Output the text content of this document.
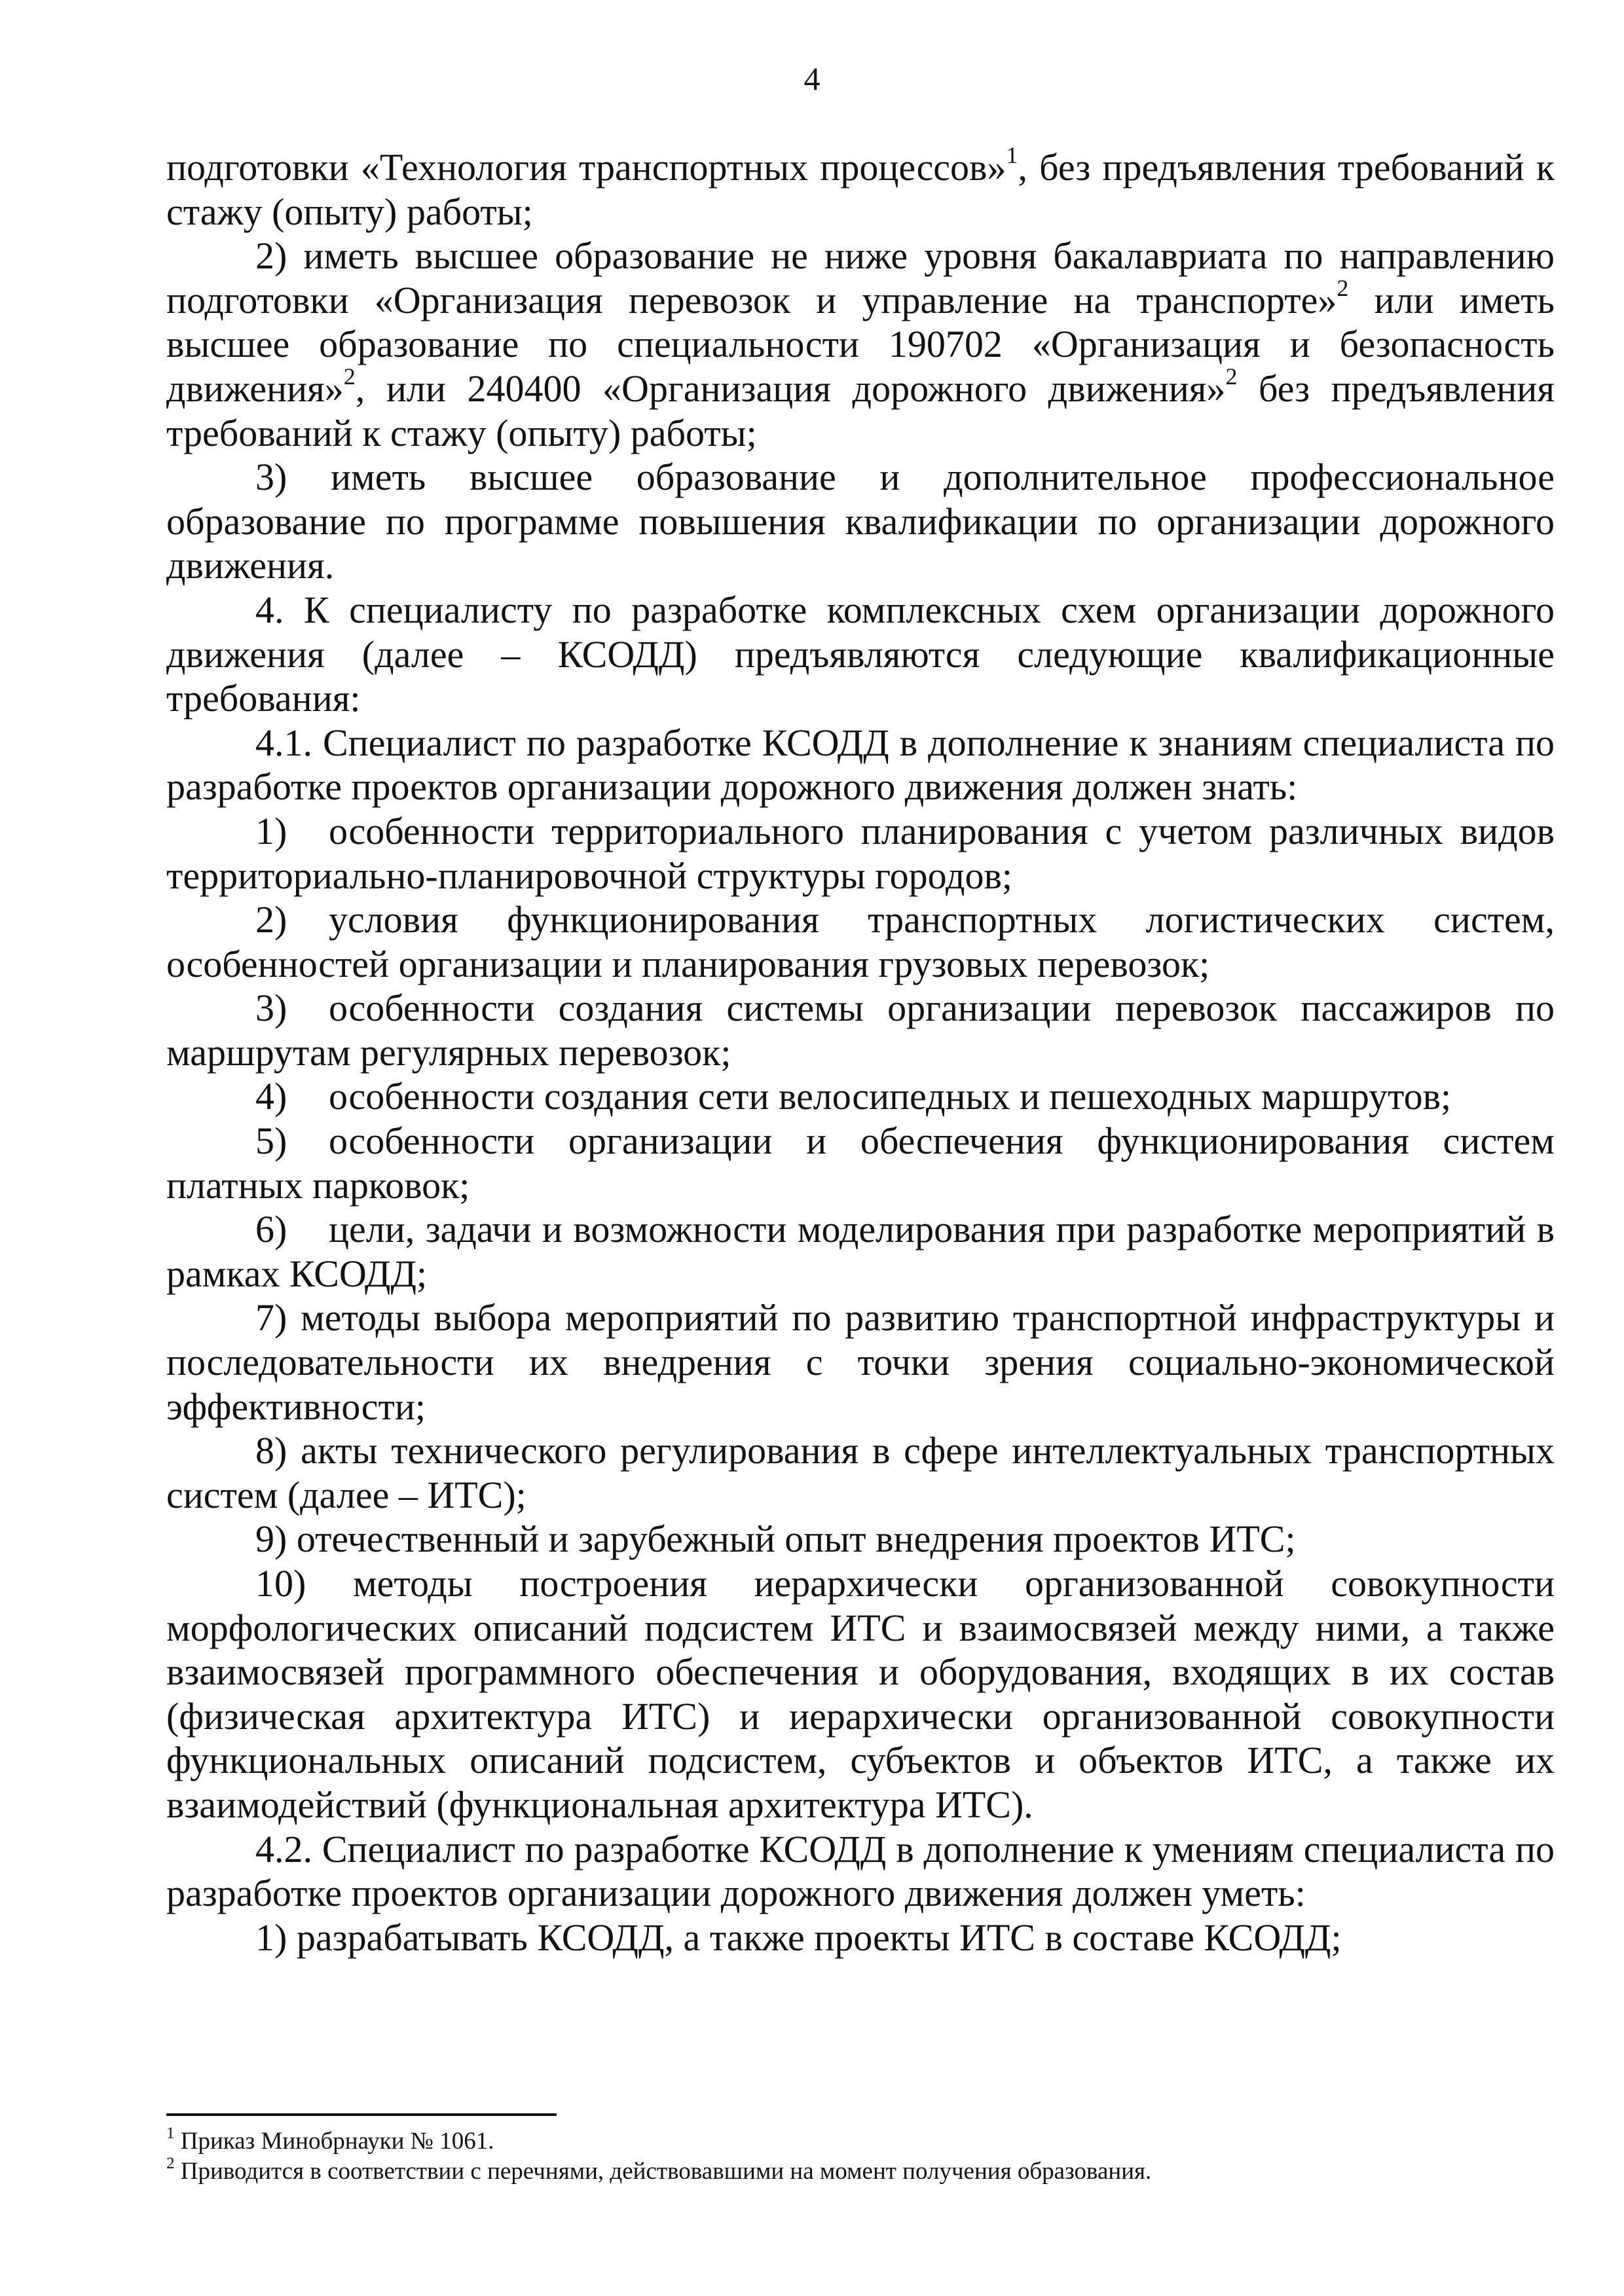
4

подготовки «Технология транспортных процессов»$^1$, без предъявления требований к стажу (опыту) работы;

2) иметь высшее образование не ниже уровня бакалавриата по направлению подготовки «Организация перевозок и управление на транспорте»$^2$ или иметь высшее образование по специальности 190702 «Организация и безопасность движения»$^2$, или 240400 «Организация дорожного движения»$^2$ без предъявления требований к стажу (опыту) работы;

3) иметь высшее образование и дополнительное профессиональное образование по программе повышения квалификации по организации дорожного движения.

4. К специалисту по разработке комплексных схем организации дорожного движения (далее – КСОДД) предъявляются следующие квалификационные требования:

4.1. Специалист по разработке КСОДД в дополнение к знаниям специалиста по разработке проектов организации дорожного движения должен знать:

1) особенности территориального планирования с учетом различных видов территориально-планировочной структуры городов;

2) условия функционирования транспортных логистических систем, особенностей организации и планирования грузовых перевозок;

3) особенности создания системы организации перевозок пассажиров по маршрутам регулярных перевозок;

4) особенности создания сети велосипедных и пешеходных маршрутов;

5) особенности организации и обеспечения функционирования систем платных парковок;

6) цели, задачи и возможности моделирования при разработке мероприятий в рамках КСОДД;

7) методы выбора мероприятий по развитию транспортной инфраструктуры и последовательности их внедрения с точки зрения социально-экономической эффективности;

8) акты технического регулирования в сфере интеллектуальных транспортных систем (далее – ИТС);

9) отечественный и зарубежный опыт внедрения проектов ИТС;

10) методы построения иерархически организованной совокупности морфологических описаний подсистем ИТС и взаимосвязей между ними, а также взаимосвязей программного обеспечения и оборудования, входящих в их состав (физическая архитектура ИТС) и иерархически организованной совокупности функциональных описаний подсистем, субъектов и объектов ИТС, а также их взаимодействий (функциональная архитектура ИТС).

4.2. Специалист по разработке КСОДД в дополнение к умениям специалиста по разработке проектов организации дорожного движения должен уметь:

1) разрабатывать КСОДД, а также проекты ИТС в составе КСОДД;

$^1$ Приказ Минобрнауки № 1061.

$^2$ Приводится в соответствии с перечнями, действовавшими на момент получения образования.
